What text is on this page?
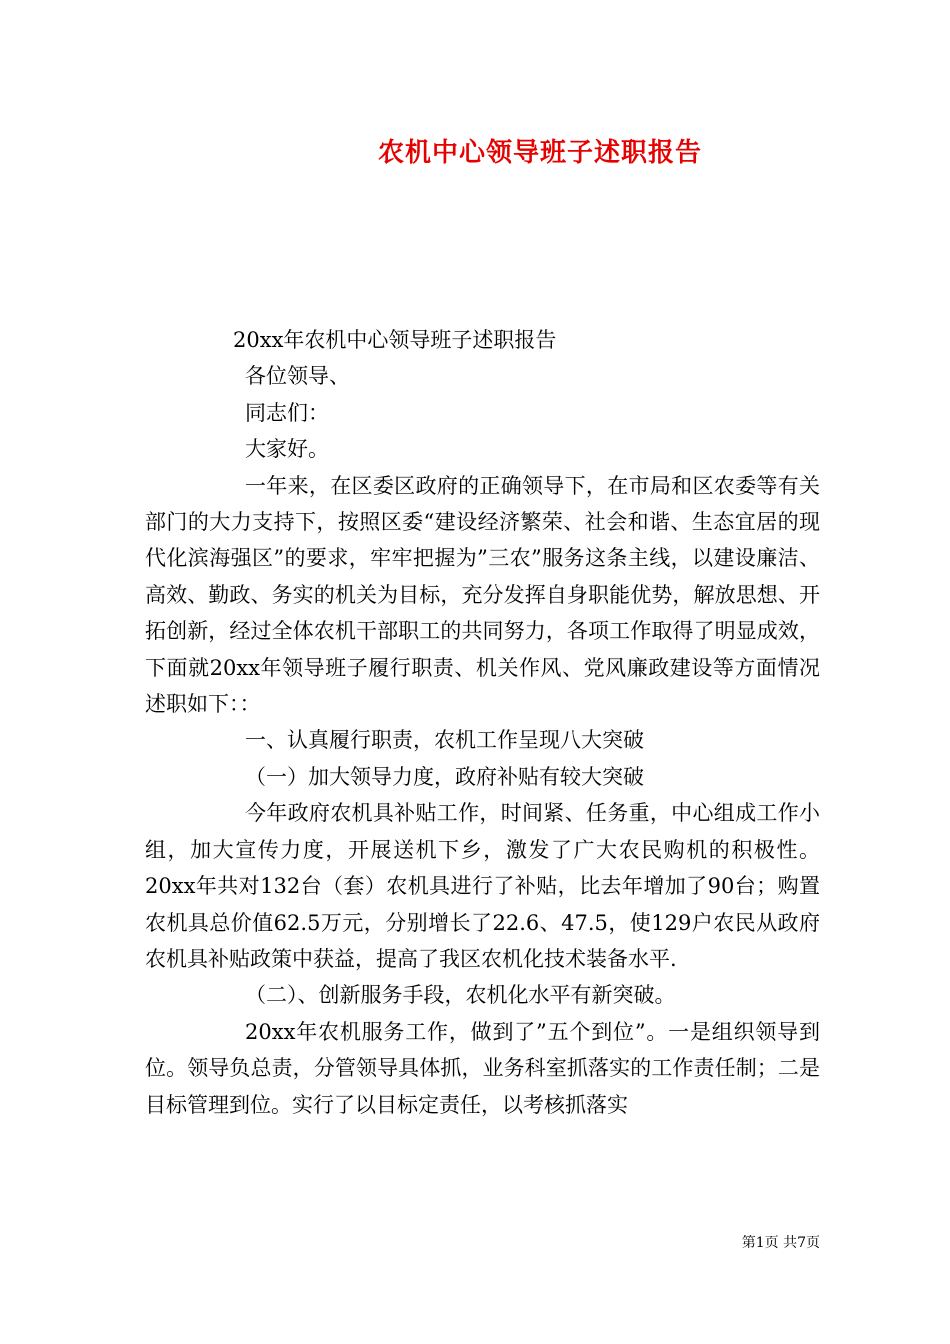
农机中心领导班子述职报告

20xx年农机中心领导班子述职报告

各位领导、

同志们：

大家好。

一年来，在区委区政府的正确领导下，在市局和区农委等有关部门的大力支持下，按照区委“建设经济繁荣、社会和谐、生态宜居的现代化滨海强区”的要求，牢牢把握为”三农”服务这条主线，以建设廉洁、高效、勤政、务实的机关为目标，充分发挥自身职能优势，解放思想、开拓创新，经过全体农机干部职工的共同努力，各项工作取得了明显成效，下面就20xx年领导班子履行职责、机关作风、党风廉政建设等方面情况述职如下：：

一、认真履行职责，农机工作呈现八大突破

（一）加大领导力度，政府补贴有较大突破

今年政府农机具补贴工作，时间紧、任务重，中心组成工作小组，加大宣传力度，开展送机下乡，激发了广大农民购机的积极性。20xx年共对132台（套）农机具进行了补贴，比去年增加了90台；购置农机具总价值62.5万元，分别增长了22.6、47.5，使129户农民从政府农机具补贴政策中获益，提高了我区农机化技术装备水平.

（二）、创新服务手段，农机化水平有新突破。

20xx年农机服务工作，做到了”五个到位”。一是组织领导到位。领导负总责，分管领导具体抓，业务科室抓落实的工作责任制；二是目标管理到位。实行了以目标定责任，以考核抓落实

第1页 共7页
